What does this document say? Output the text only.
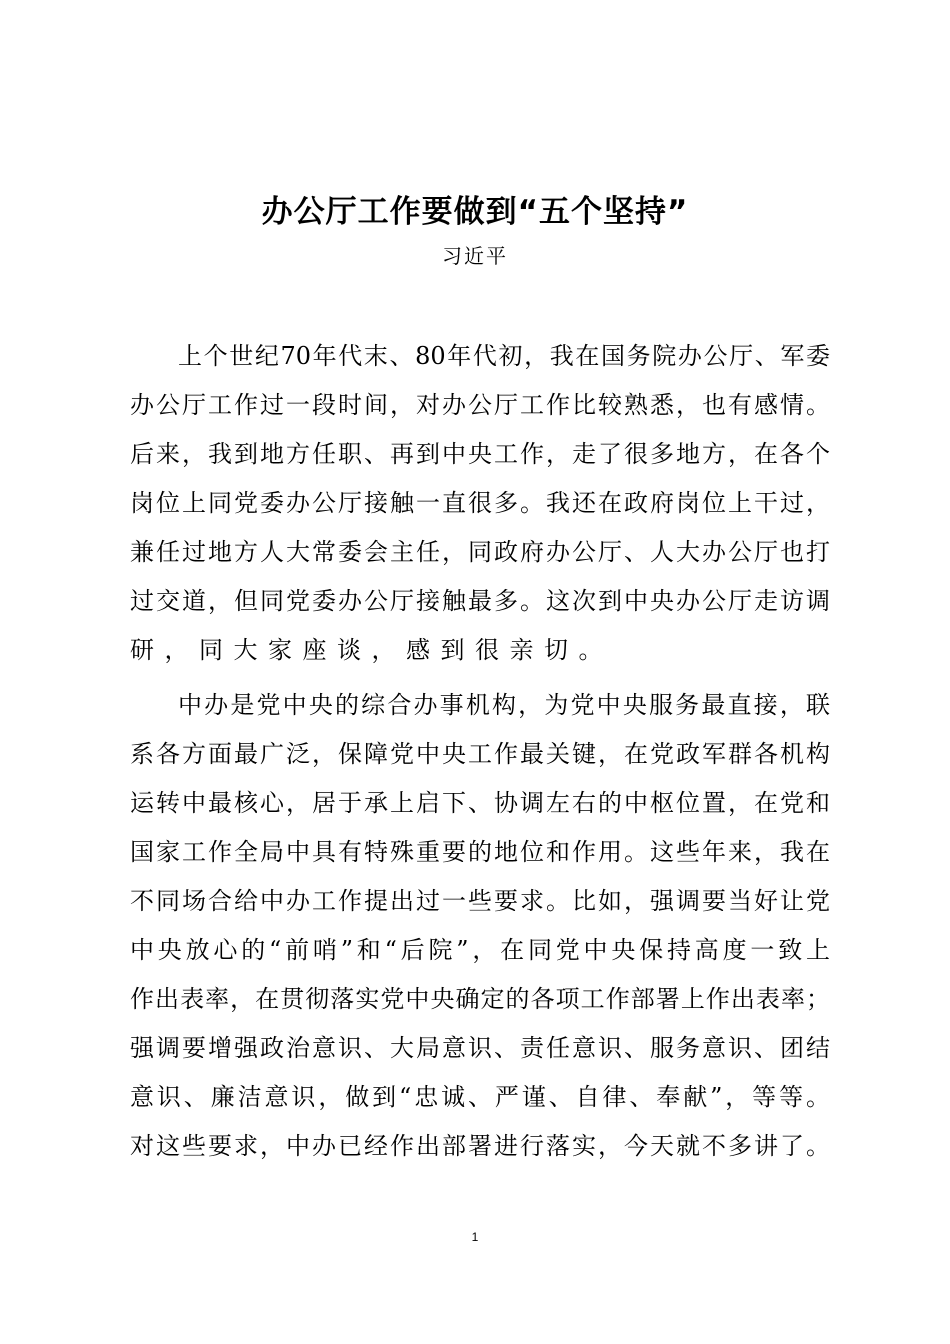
办公厅工作要做到“五个坚持”
习近平
上个世纪70年代末、80年代初，我在国务院办公厅、军委
办公厅工作过一段时间，对办公厅工作比较熟悉，也有感情。
后来，我到地方任职、再到中央工作，走了很多地方，在各个
岗位上同党委办公厅接触一直很多。我还在政府岗位上干过，
兼任过地方人大常委会主任，同政府办公厅、人大办公厅也打
过交道，但同党委办公厅接触最多。这次到中央办公厅走访调
研，同大家座谈，感到很亲切。
中办是党中央的综合办事机构，为党中央服务最直接，联
系各方面最广泛，保障党中央工作最关键，在党政军群各机构
运转中最核心，居于承上启下、协调左右的中枢位置，在党和
国家工作全局中具有特殊重要的地位和作用。这些年来，我在
不同场合给中办工作提出过一些要求。比如，强调要当好让党
中央放心的“前哨”和“后院”，在同党中央保持高度一致上
作出表率，在贯彻落实党中央确定的各项工作部署上作出表率；
强调要增强政治意识、大局意识、责任意识、服务意识、团结
意识、廉洁意识，做到“忠诚、严谨、自律、奉献”，等等。
对这些要求，中办已经作出部署进行落实，今天就不多讲了。
1
